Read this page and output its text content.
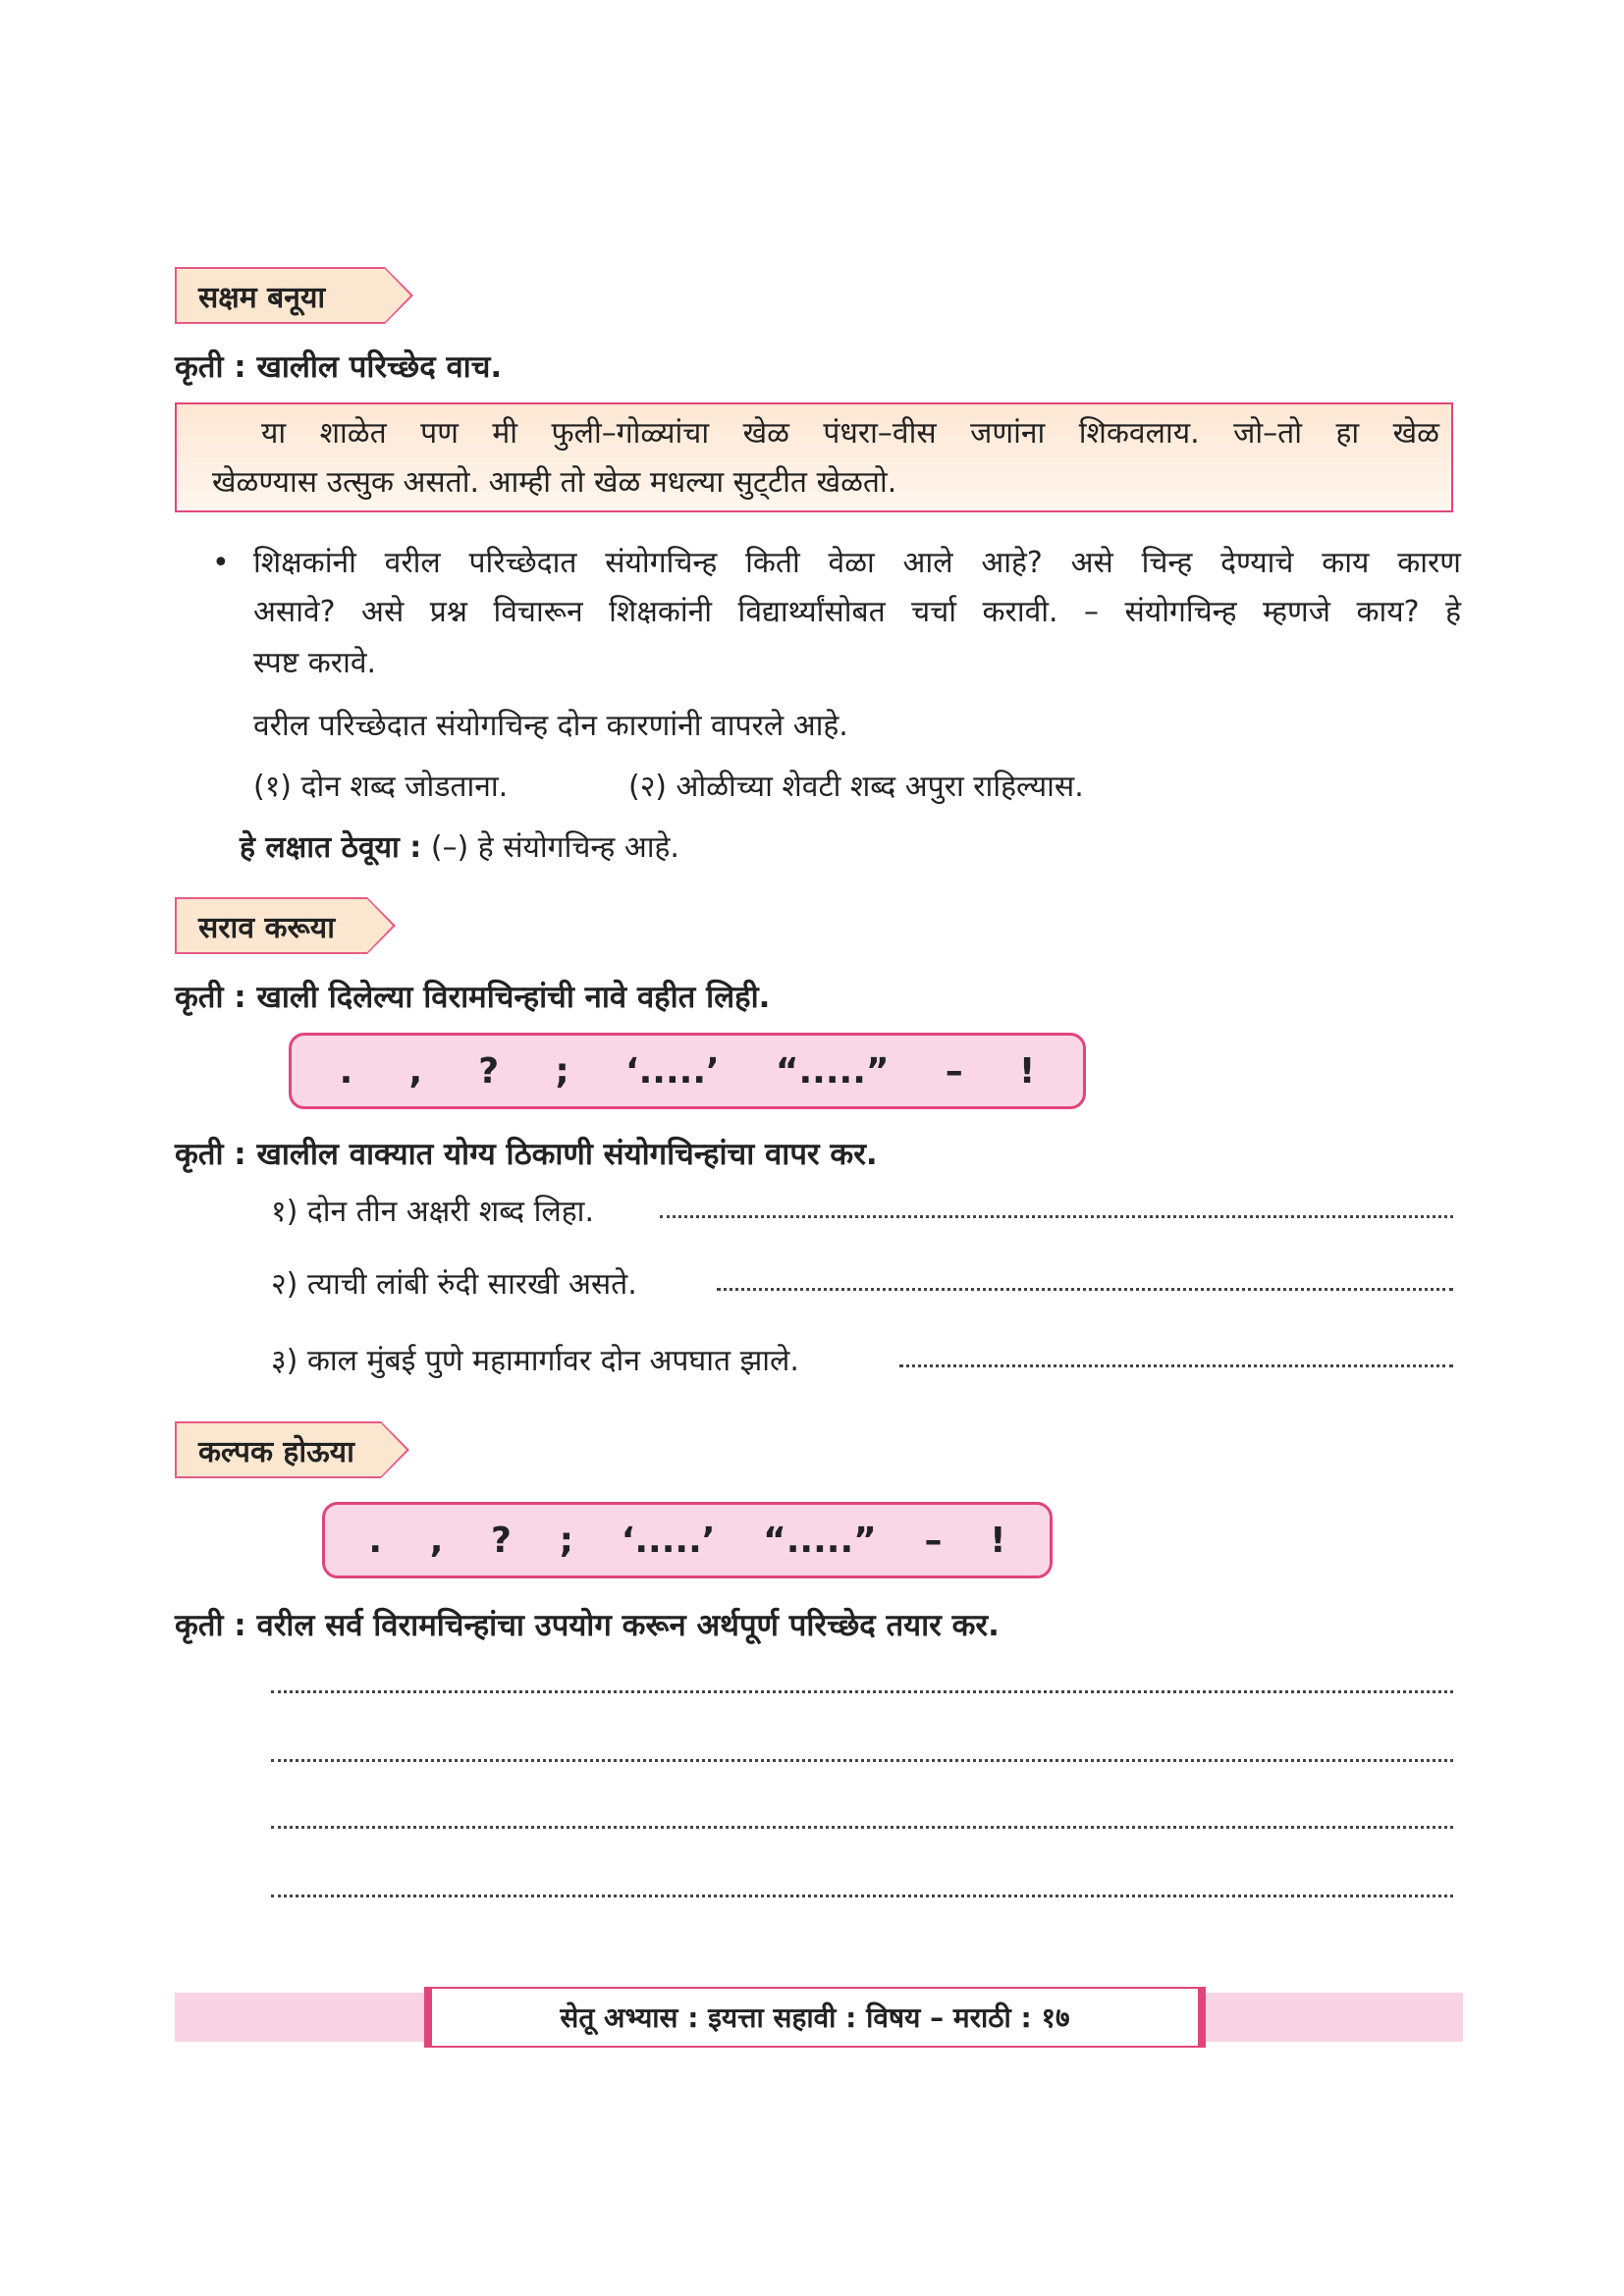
सक्षम बनूया
कृती : खालील परिच्छेद वाच.
या शाळेत पण मी फुली–गोळ्यांचा खेळ पंधरा–वीस जणांना शिकवलाय. जो–तो हा खेळ
खेळण्यास उत्सुक असतो. आम्ही तो खेळ मधल्या सुट्‌टीत खेळतो.
• शिक्षकांनी वरील परिच्छेदात संयोगचिन्ह किती वेळा आले आहे? असे चिन्ह देण्याचे काय कारण
असावे? असे प्रश्न विचारून शिक्षकांनी विद्यार्थ्यांसोबत चर्चा करावी. – संयोगचिन्ह म्हणजे काय? हे
स्पष्ट करावे.
वरील परिच्छेदात संयोगचिन्ह दोन कारणांनी वापरले आहे.
(१) दोन शब्द जोडताना.	(२) ओळीच्या शेवटी शब्द अपुरा राहिल्यास.
हे लक्षात ठेवूया : (–) हे संयोगचिन्ह आहे.
सराव करूया
कृती : खाली दिलेल्या विरामचिन्हांची नावे वहीत लिही.
. , ? ; ‘.....’ “.....” – !
कृती : खालील वाक्यात योग्य ठिकाणी संयोगचिन्हांचा वापर कर.
१) दोन तीन अक्षरी शब्द लिहा.
२) त्याची लांबी रुंदी सारखी असते.
३) काल मुंबई पुणे महामार्गावर दोन अपघात झाले.
कल्पक होऊया
. , ? ; ‘.....’ “.....” – !
कृती : वरील सर्व विरामचिन्हांचा उपयोग करून अर्थपूर्ण परिच्छेद तयार कर.
सेतू अभ्यास : इयत्ता सहावी : विषय – मराठी : १७
